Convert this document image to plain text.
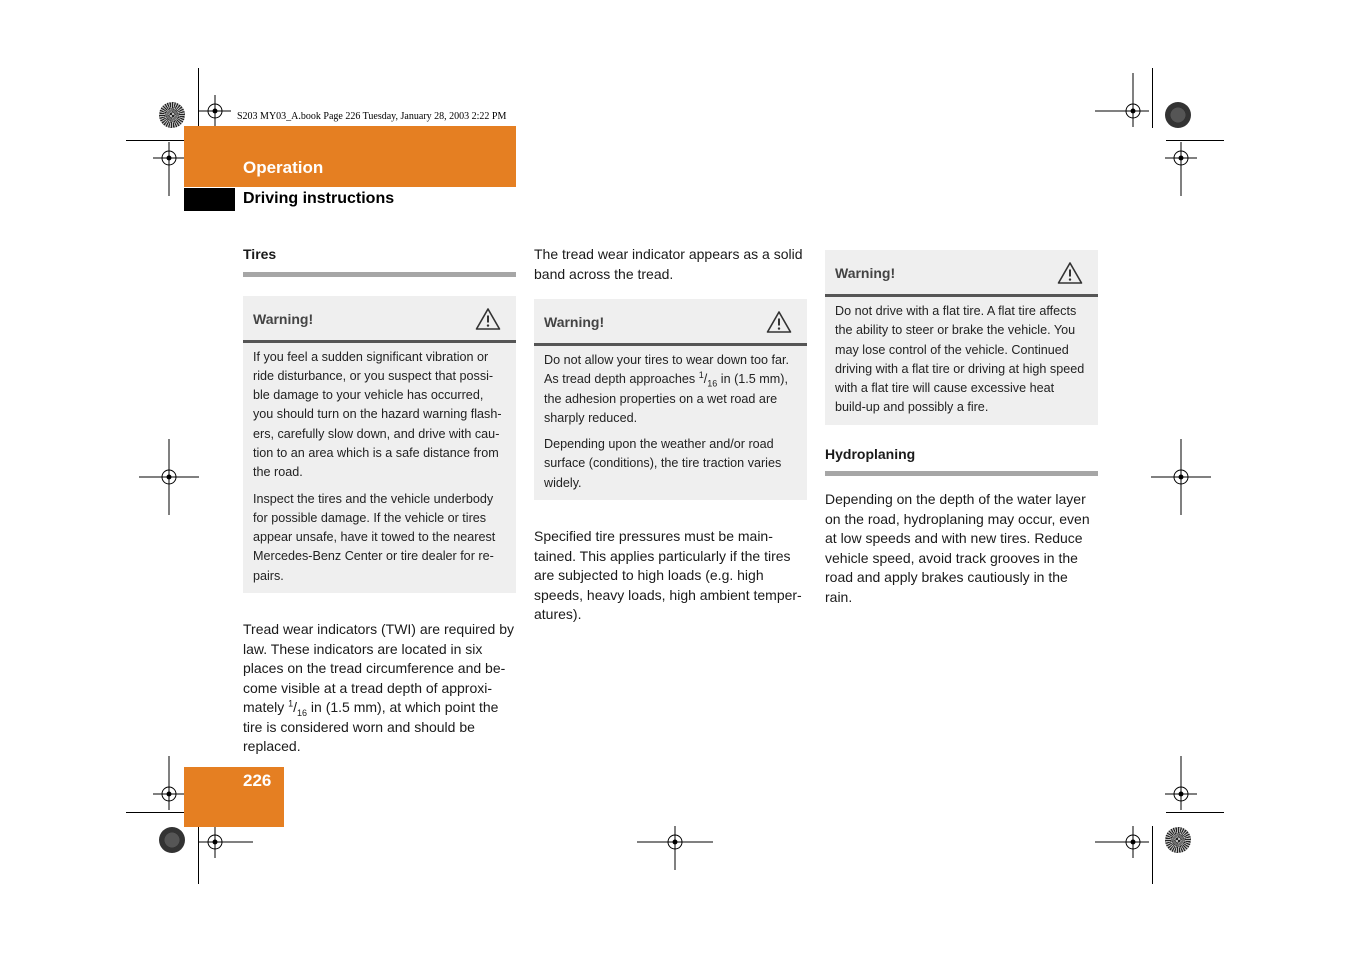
S203 MY03_A.book Page 226 Tuesday, January 28, 2003 2:22 PM
Operation
Driving instructions
Tires
Warning!

If you feel a sudden significant vibration or ride disturbance, or you suspect that possi-ble damage to your vehicle has occurred, you should turn on the hazard warning flash-ers, carefully slow down, and drive with cau-tion to an area which is a safe distance from the road.

Inspect the tires and the vehicle underbody for possible damage. If the vehicle or tires appear unsafe, have it towed to the nearest Mercedes-Benz Center or tire dealer for re-pairs.

Tread wear indicators (TWI) are required by law. These indicators are located in six places on the tread circumference and be-come visible at a tread depth of approxi-mately $^1/_{16}$ in (1.5 mm), at which point the tire is considered worn and should be replaced.

The tread wear indicator appears as a solid band across the tread.

Warning!

Do not allow your tires to wear down too far. As tread depth approaches $^1/_{16}$ in (1.5 mm), the adhesion properties on a wet road are sharply reduced.

Depending upon the weather and/or road surface (conditions), the tire traction varies widely.

Specified tire pressures must be main-tained. This applies particularly if the tires are subjected to high loads (e.g. high speeds, heavy loads, high ambient temper-atures).

Warning!

Do not drive with a flat tire. A flat tire affects the ability to steer or brake the vehicle. You may lose control of the vehicle. Continued driving with a flat tire or driving at high speed with a flat tire will cause excessive heat build-up and possibly a fire.

Hydroplaning

Depending on the depth of the water layer on the road, hydroplaning may occur, even at low speeds and with new tires. Reduce vehicle speed, avoid track grooves in the road and apply brakes cautiously in the rain.

226
